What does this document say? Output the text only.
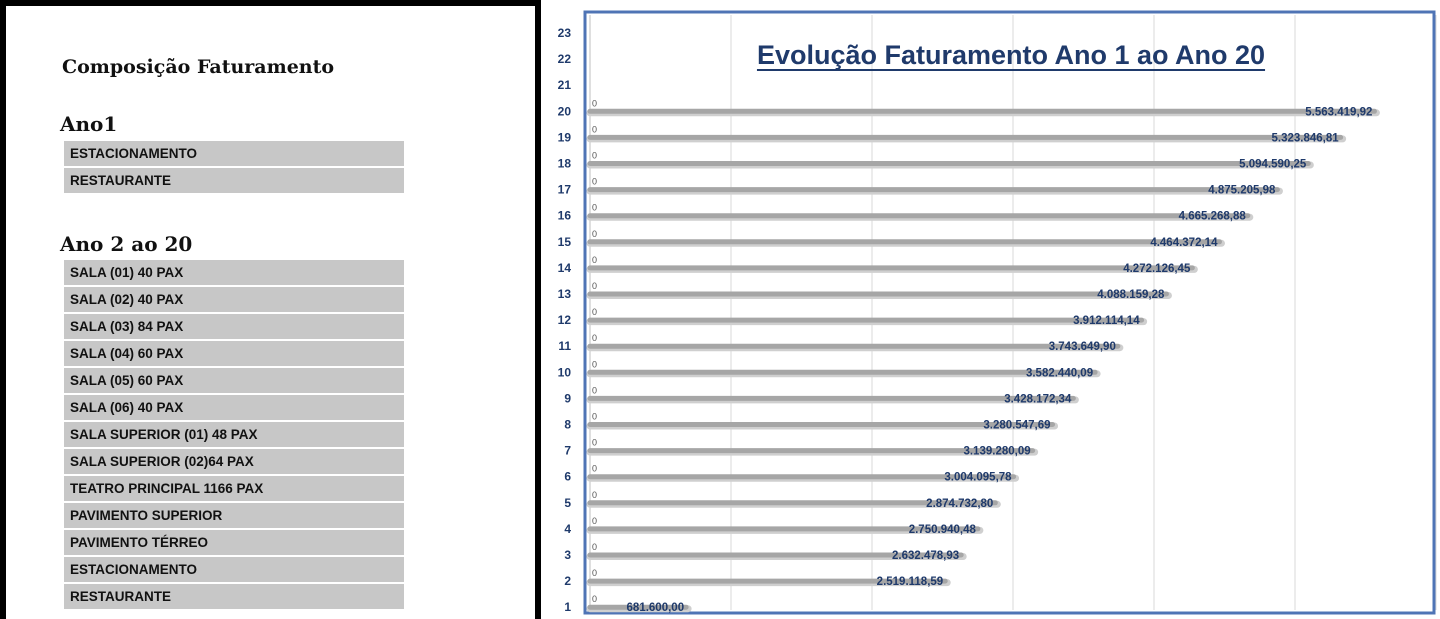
Composição Faturamento
Ano1
ESTACIONAMENTO
RESTAURANTE
Ano 2 ao 20
SALA (01) 40 PAX
SALA (02) 40 PAX
SALA (03) 84 PAX
SALA (04) 60 PAX
SALA (05) 60 PAX
SALA (06) 40 PAX
SALA SUPERIOR (01) 48 PAX
SALA SUPERIOR (02)64 PAX
TEATRO PRINCIPAL 1166 PAX
PAVIMENTO SUPERIOR
PAVIMENTO TÉRREO
ESTACIONAMENTO
RESTAURANTE
Evolução Faturamento Ano 1 ao Ano 20
1
2
3
4
5
6
7
8
9
10
11
12
13
14
15
16
17
18
19
20
21
22
23
0
681.600,00
0
2.519.118,59
0
2.632.478,93
0
2.750.940,48
0
2.874.732,80
0
3.004.095,78
0
3.139.280,09
0
3.280.547,69
0
3.428.172,34
0
3.582.440,09
0
3.743.649,90
0
3.912.114,14
0
4.088.159,28
0
4.272.126,45
0
4.464.372,14
0
4.665.268,88
0
4.875.205,98
0
5.094.590,25
0
5.323.846,81
0
5.563.419,92
